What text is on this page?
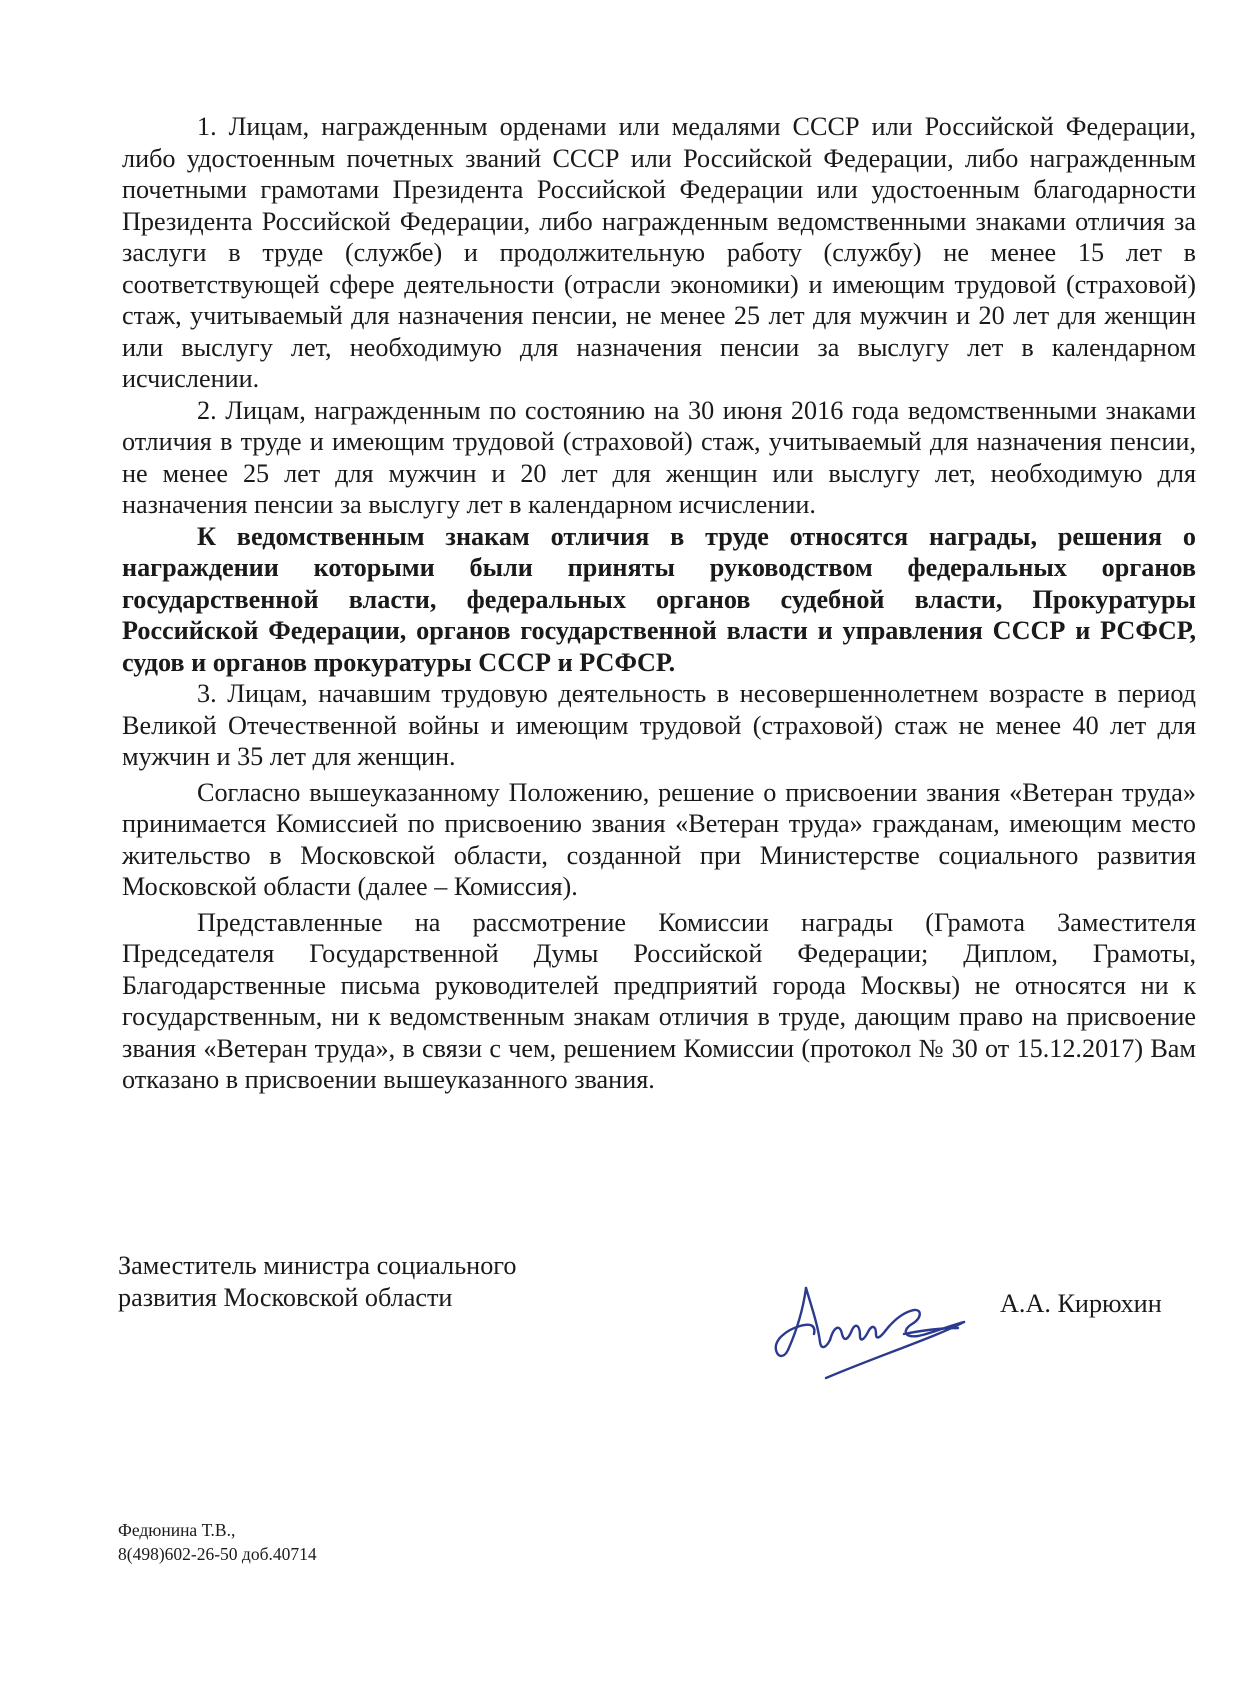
1. Лицам, награжденным орденами или медалями СССР или Российской Федерации, либо удостоенным почетных званий СССР или Российской Федерации, либо награжденным почетными грамотами Президента Российской Федерации или удостоенным благодарности Президента Российской Федерации, либо награжденным ведомственными знаками отличия за заслуги в труде (службе) и продолжительную работу (службу) не менее 15 лет в соответствующей сфере деятельности (отрасли экономики) и имеющим трудовой (страховой) стаж, учитываемый для назначения пенсии, не менее 25 лет для мужчин и 20 лет для женщин или выслугу лет, необходимую для назначения пенсии за выслугу лет в календарном исчислении.

2. Лицам, награжденным по состоянию на 30 июня 2016 года ведомственными знаками отличия в труде и имеющим трудовой (страховой) стаж, учитываемый для назначения пенсии, не менее 25 лет для мужчин и 20 лет для женщин или выслугу лет, необходимую для назначения пенсии за выслугу лет в календарном исчислении.

К ведомственным знакам отличия в труде относятся награды, решения о награждении которыми были приняты руководством федеральных органов государственной власти, федеральных органов судебной власти, Прокуратуры Российской Федерации, органов государственной власти и управления СССР и РСФСР, судов и органов прокуратуры СССР и РСФСР.

3. Лицам, начавшим трудовую деятельность в несовершеннолетнем возрасте в период Великой Отечественной войны и имеющим трудовой (страховой) стаж не менее 40 лет для мужчин и 35 лет для женщин.

Согласно вышеуказанному Положению, решение о присвоении звания «Ветеран труда» принимается Комиссией по присвоению звания «Ветеран труда» гражданам, имеющим место жительство в Московской области, созданной при Министерстве социального развития Московской области (далее – Комиссия).

Представленные на рассмотрение Комиссии награды (Грамота Заместителя Председателя Государственной Думы Российской Федерации; Диплом, Грамоты, Благодарственные письма руководителей предприятий города Москвы) не относятся ни к государственным, ни к ведомственным знакам отличия в труде, дающим право на присвоение звания «Ветеран труда», в связи с чем, решением Комиссии (протокол № 30 от 15.12.2017) Вам отказано в присвоении вышеуказанного звания.

Заместитель министра социального
развития Московской области	А.А. Кирюхин
Федюнина Т.В.,
8(498)602-26-50 доб.40714
